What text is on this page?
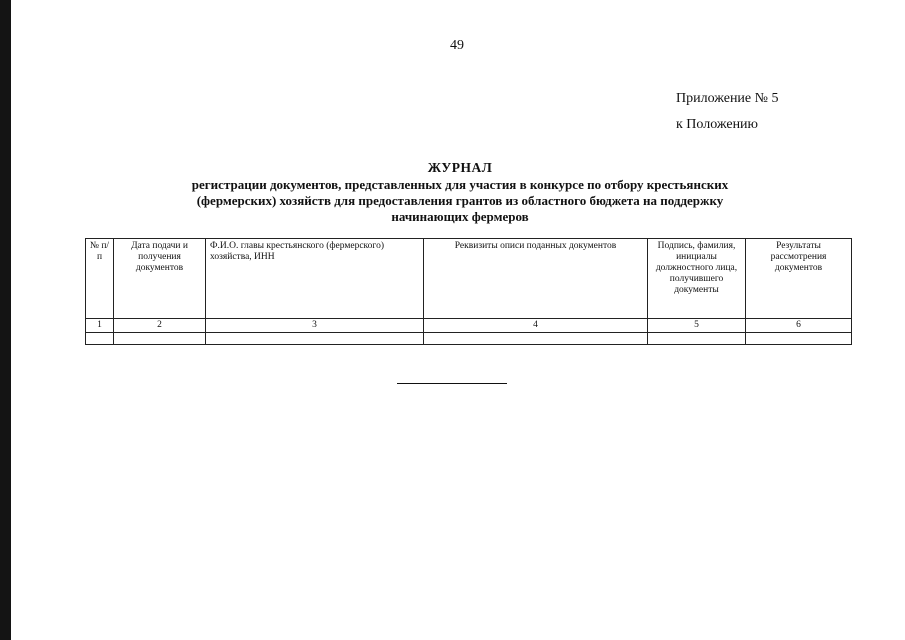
49
Приложение № 5
к Положению
ЖУРНАЛ
регистрации документов, представленных для участия в конкурсе по отбору крестьянских
(фермерских) хозяйств для предоставления грантов из областного бюджета на поддержку
начинающих фермеров
№ п/п	Дата подачи и получения документов	Ф.И.О. главы крестьянского (фермерского) хозяйства, ИНН	Реквизиты описи поданных документов	Подпись, фамилия, инициалы должностного лица, получившего документы	Результаты рассмотрения документов
1	2	3	4	5	6
